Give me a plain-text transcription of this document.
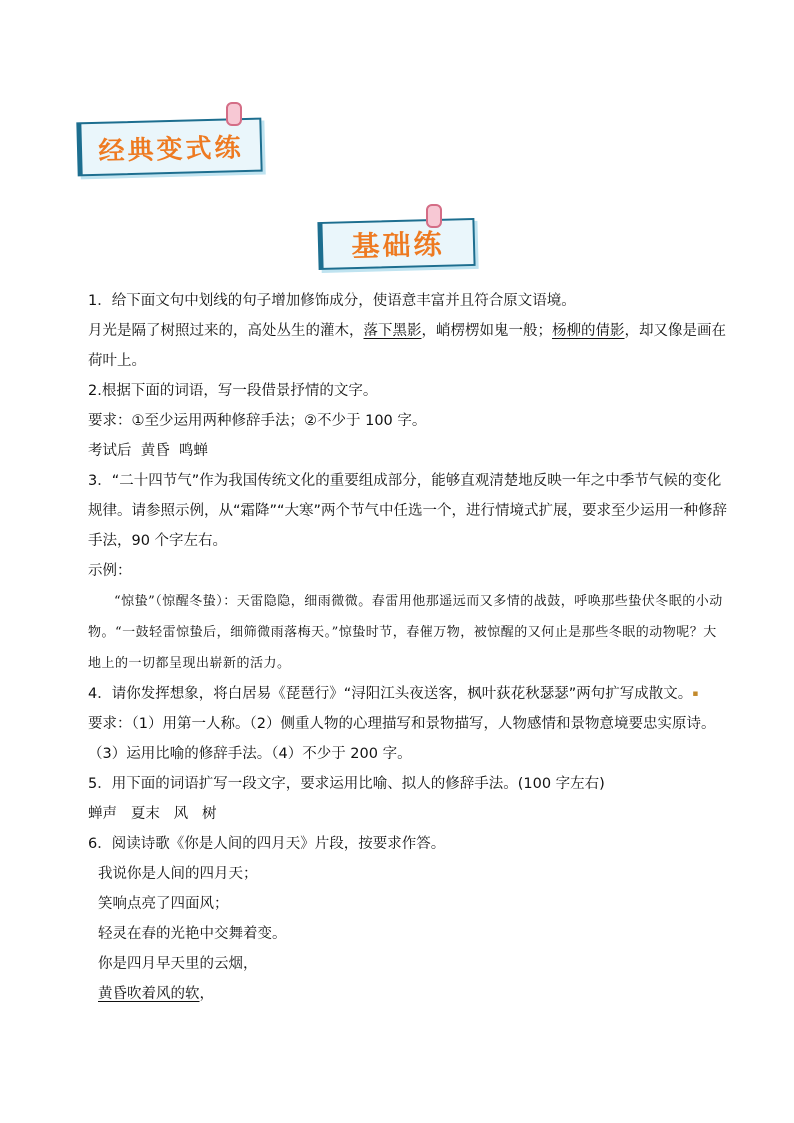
经典变式练
基础练
1．给下面文句中划线的句子增加修饰成分，使语意丰富并且符合原文语境。
月光是隔了树照过来的，高处丛生的灌木，落下黑影，峭楞楞如鬼一般；杨柳的倩影，却又像是画在荷叶上。
2.根据下面的词语，写一段借景抒情的文字。
要求：①至少运用两种修辞手法；②不少于 100 字。
考试后  黄昏  鸣蝉
3．“二十四节气”作为我国传统文化的重要组成部分，能够直观清楚地反映一年之中季节气候的变化规律。请参照示例，从“霜降”“大寒”两个节气中任选一个，进行情境式扩展，要求至少运用一种修辞手法，90 个字左右。
示例：
“惊蛰”（惊醒冬蛰）：天雷隐隐，细雨微微。春雷用他那遥远而又多情的战鼓，呼唤那些蛰伏冬眠的小动物。“一鼓轻雷惊蛰后，细筛微雨落梅天。”惊蛰时节，春催万物，被惊醒的又何止是那些冬眠的动物呢？大地上的一切都呈现出崭新的活力。
4．请你发挥想象，将白居易《琵琶行》“浔阳江头夜送客，枫叶荻花秋瑟瑟”两句扩写成散文。▪
要求：（1）用第一人称。（2）侧重人物的心理描写和景物描写，人物感情和景物意境要忠实原诗。（3）运用比喻的修辞手法。（4）不少于 200 字。
5．用下面的词语扩写一段文字，要求运用比喻、拟人的修辞手法。(100 字左右)
蝉声   夏末   风   树
6．阅读诗歌《你是人间的四月天》片段，按要求作答。
我说你是人间的四月天；
笑响点亮了四面风；
轻灵在春的光艳中交舞着变。
你是四月早天里的云烟，
黄昏吹着风的软，
